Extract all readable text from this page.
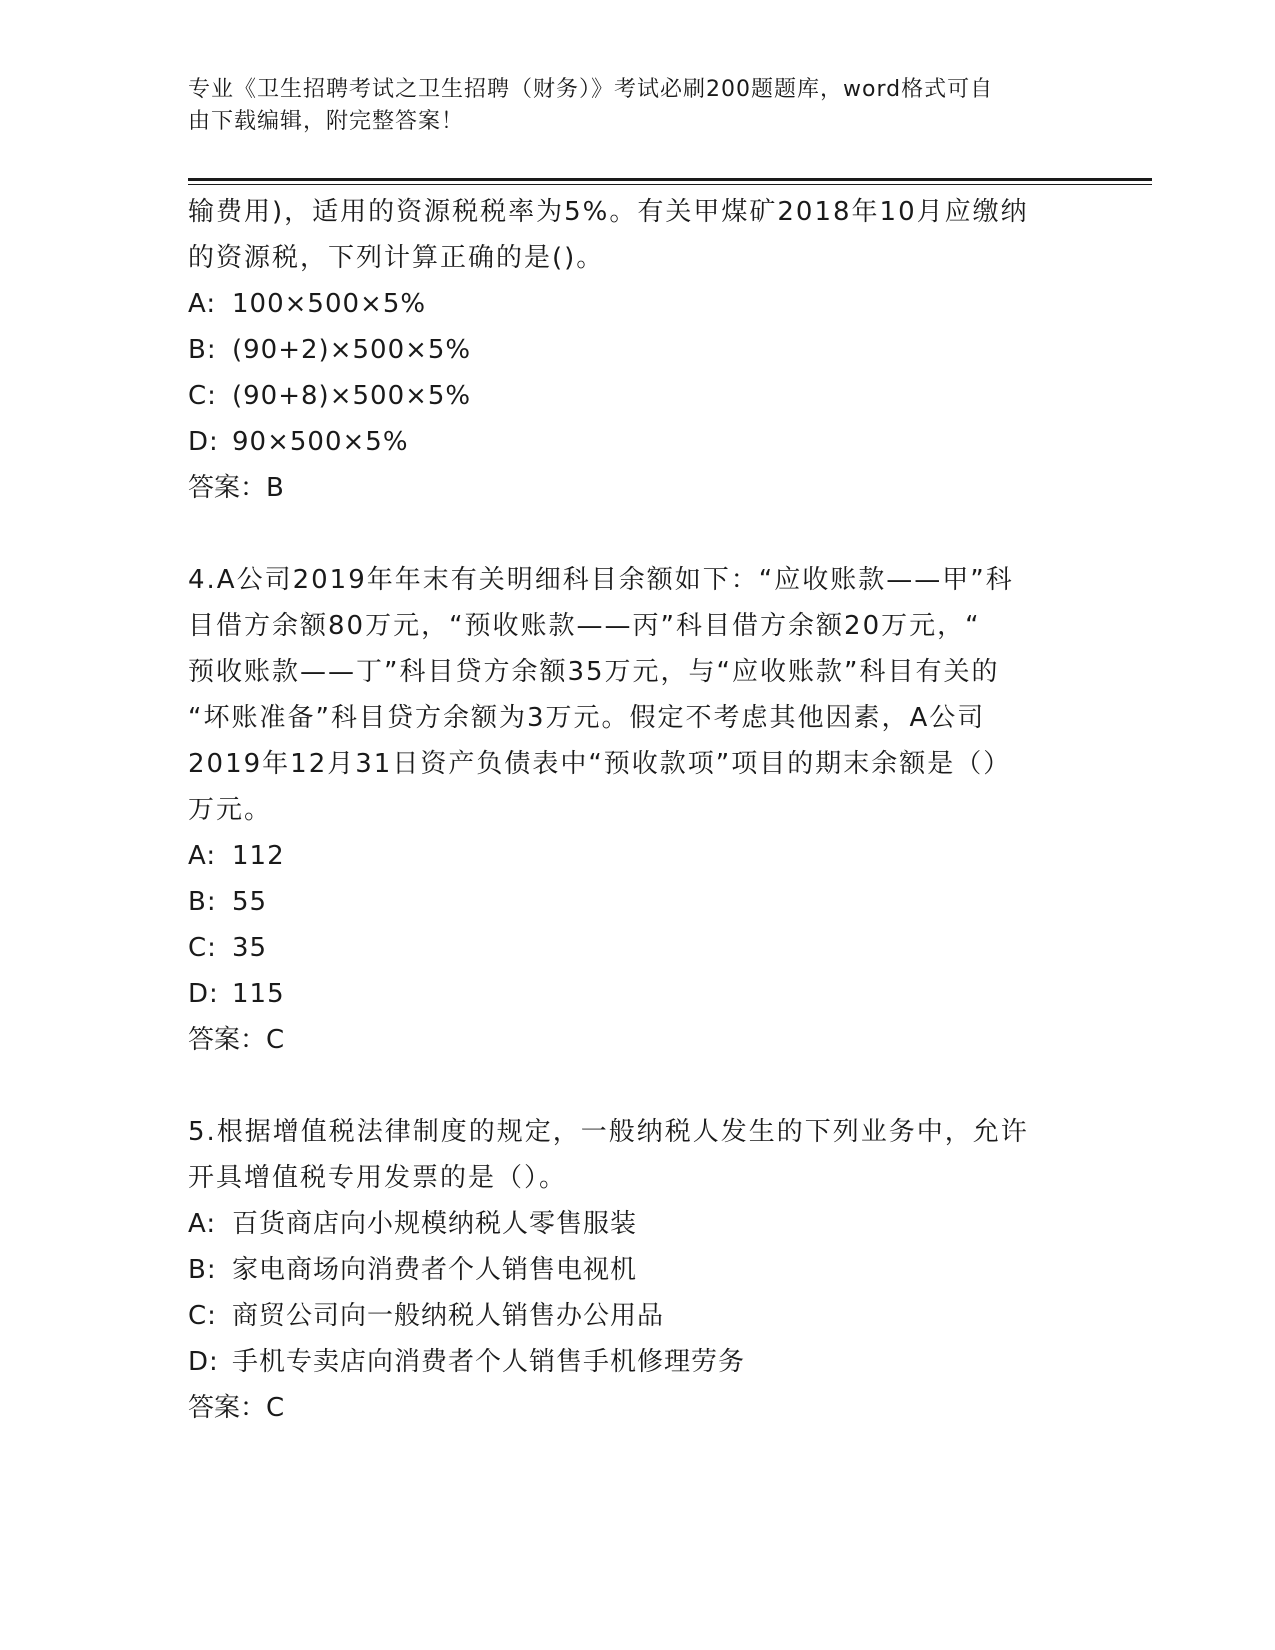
专业《卫生招聘考试之卫生招聘（财务）》考试必刷200题题库，word格式可自
由下载编辑，附完整答案！
输费用)，适用的资源税税率为5%。有关甲煤矿2018年10月应缴纳
的资源税，下列计算正确的是()。
A: 100×500×5%
B: (90+2)×500×5%
C: (90+8)×500×5%
D: 90×500×5%
答案：B
4.A公司2019年年末有关明细科目余额如下：“应收账款——甲”科
目借方余额80万元，“预收账款——丙”科目借方余额20万元，“
预收账款——丁”科目贷方余额35万元，与“应收账款”科目有关的
“坏账准备”科目贷方余额为3万元。假定不考虑其他因素，A公司
2019年12月31日资产负债表中“预收款项”项目的期末余额是（）
万元。
A: 112
B: 55
C: 35
D: 115
答案：C
5.根据增值税法律制度的规定，一般纳税人发生的下列业务中，允许
开具增值税专用发票的是（）。
A: 百货商店向小规模纳税人零售服装
B: 家电商场向消费者个人销售电视机
C: 商贸公司向一般纳税人销售办公用品
D: 手机专卖店向消费者个人销售手机修理劳务
答案：C
